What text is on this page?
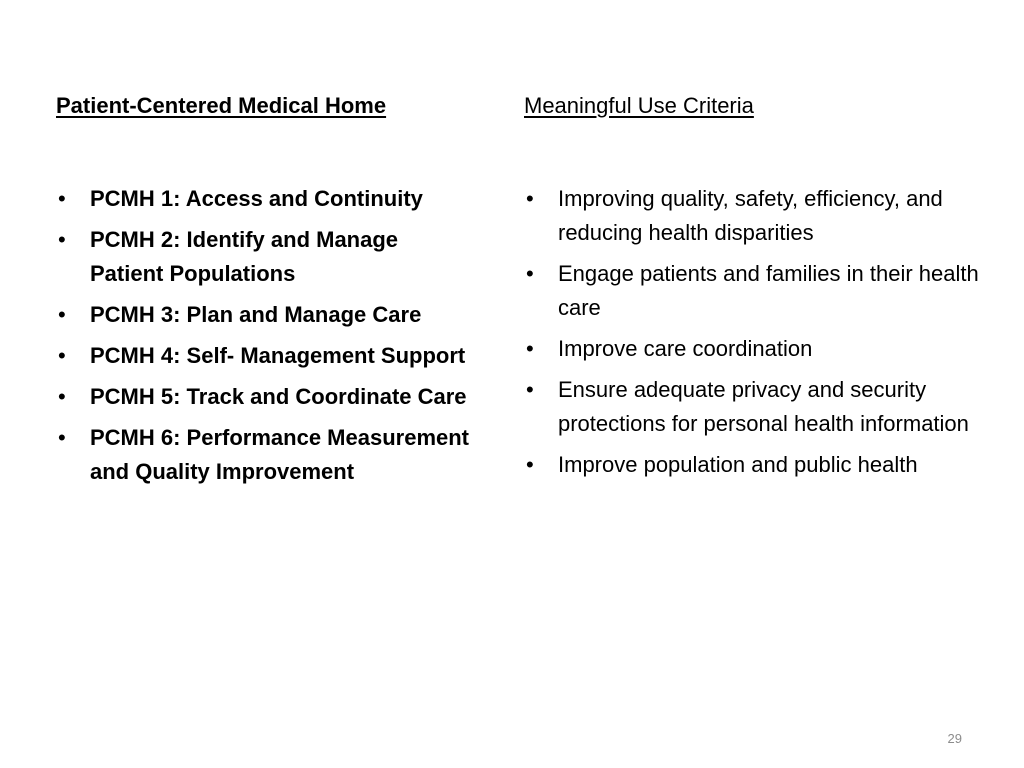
Patient-Centered Medical Home
• PCMH 1: Access and Continuity
• PCMH 2: Identify and Manage Patient Populations
• PCMH 3: Plan and Manage Care
• PCMH 4: Self- Management Support
• PCMH 5: Track and Coordinate Care
• PCMH 6: Performance Measurement and Quality Improvement
Meaningful Use Criteria
• Improving quality, safety, efficiency, and reducing health disparities
• Engage patients and families in their health care
• Improve care coordination
• Ensure adequate privacy and security protections for personal health information
• Improve population and public health
29
